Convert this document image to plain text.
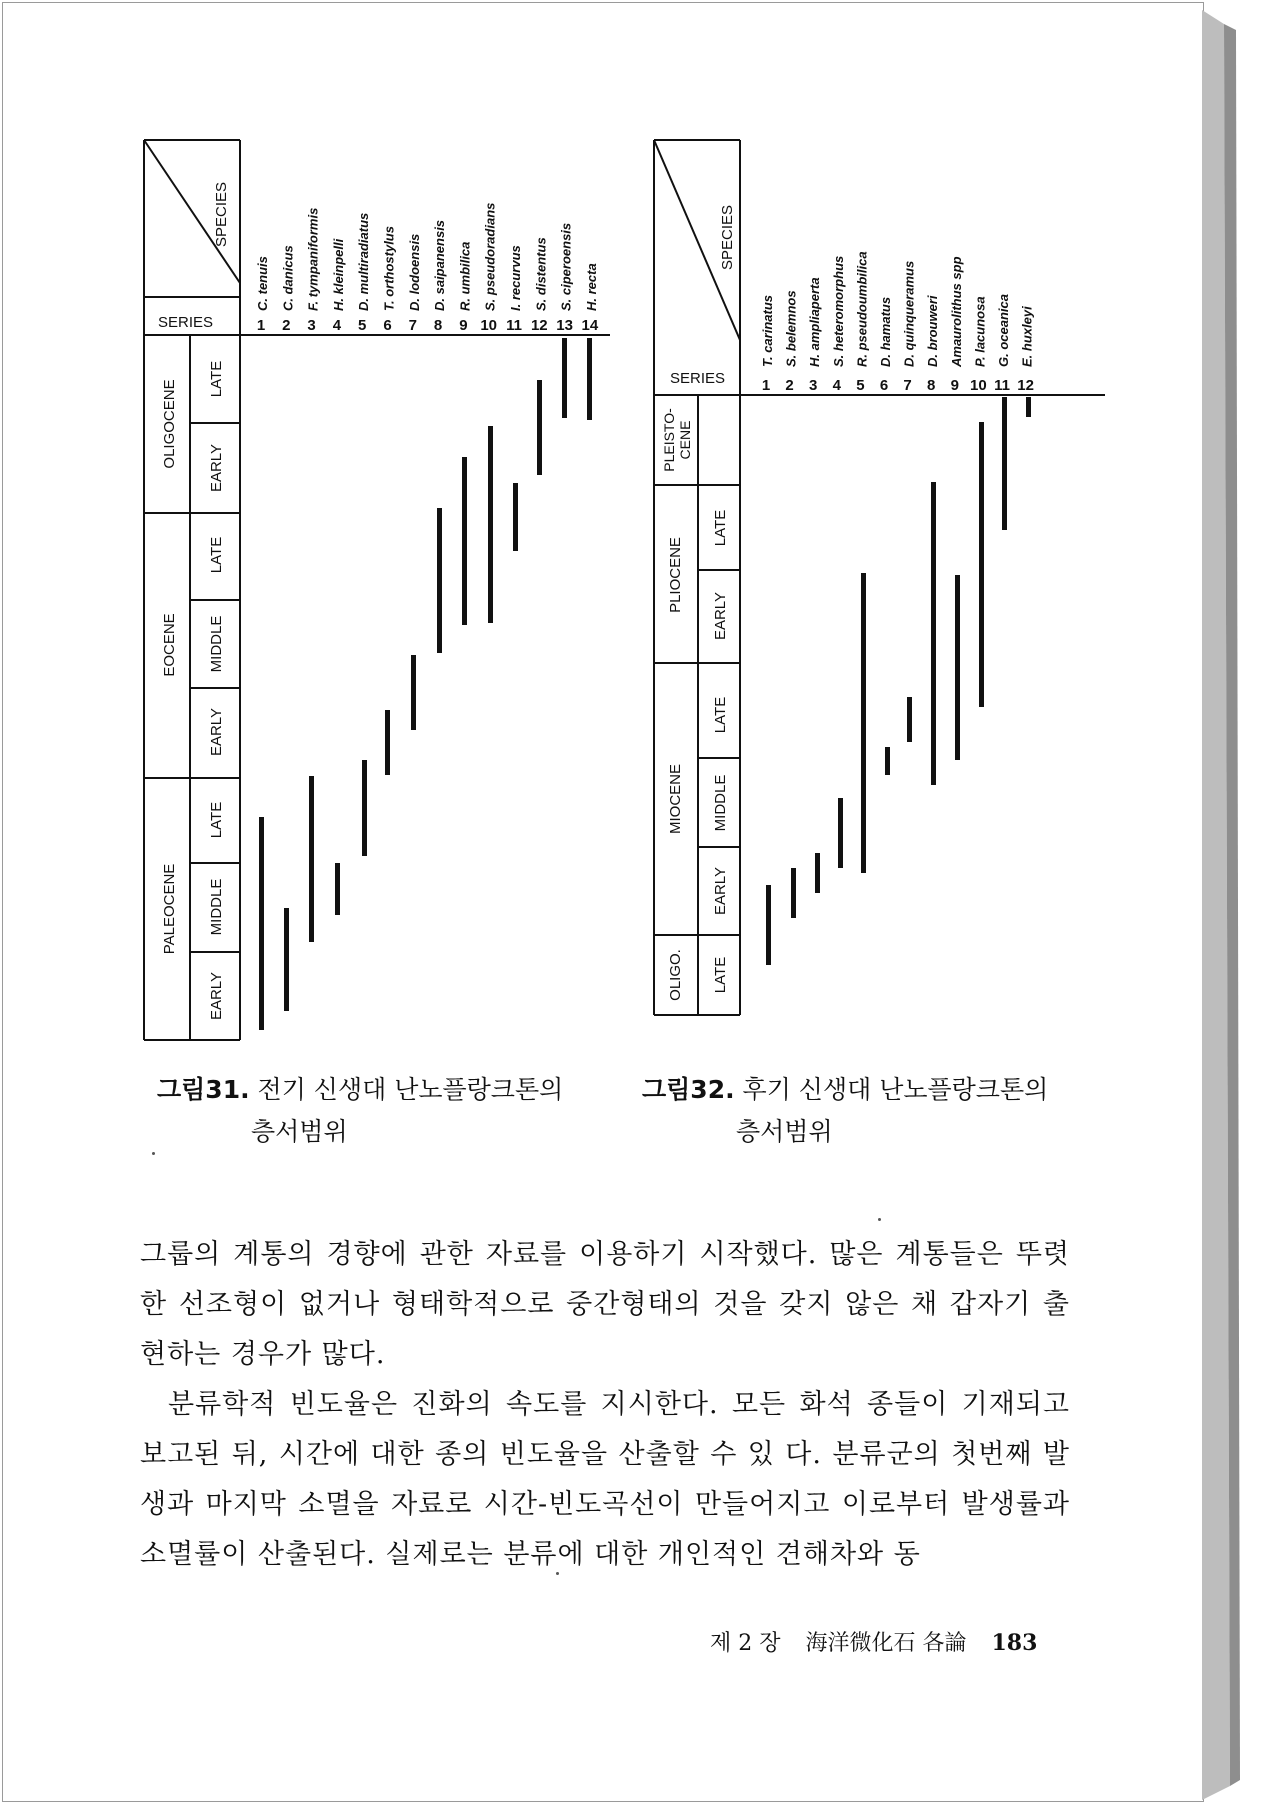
SERIES
SPECIES
PALEOCENE
EOCENE
OLIGOCENE
EARLY
MIDDLE
LATE
EARLY
MIDDLE
LATE
EARLY
LATE
C. tenuis C. danicus F. tympaniformis H. kleinpelli D. multiradiatus T. orthostylus D. lodoensis D. saipanensis R. umbilica S. pseudoradians I. recurvus S. distentus S. ciperoensis H. recta
1 2 3 4 5 6 7 8 9 10 11 12 13 14
그림31. 전기 신생대 난노플랑크톤의
층서범위
SERIES
SPECIES
OLIGO.
MIOCENE
PLIOCENE
PLEISTO- CENE
LATE
EARLY
MIDDLE
LATE
EARLY
LATE
T. carinatus S. belemnos H. ampliaperta S. heteromorphus R. pseudoumbilica D. hamatus D. quinqueramus D. brouweri Amaurolithus spp P. lacunosa G. oceanica E. huxleyi
1 2 3 4 5 6 7 8 9 10 11 12
그림32. 후기 신생대 난노플랑크톤의
층서범위

그룹의 계통의 경향에 관한 자료를 이용하기 시작했다. 많은 계통들은 뚜렷한 선조형이 없거나 형태학적으로 중간형태의 것을 갖지 않은 채 갑자기 출현하는 경우가 많다.

분류학적 빈도율은 진화의 속도를 지시한다. 모든 화석 종들이 기재되고 보고된 뒤, 시간에 대한 종의 빈도율을 산출할 수 있 다. 분류군의 첫번째 발생과 마지막 소멸을 자료로 시간-빈도곡선이 만들어지고 이로부터 발생률과 소멸률이 산출된다. 실제로는 분류에 대한 개인적인 견해차와 동

제 2 장 海洋微化石 各論 183
